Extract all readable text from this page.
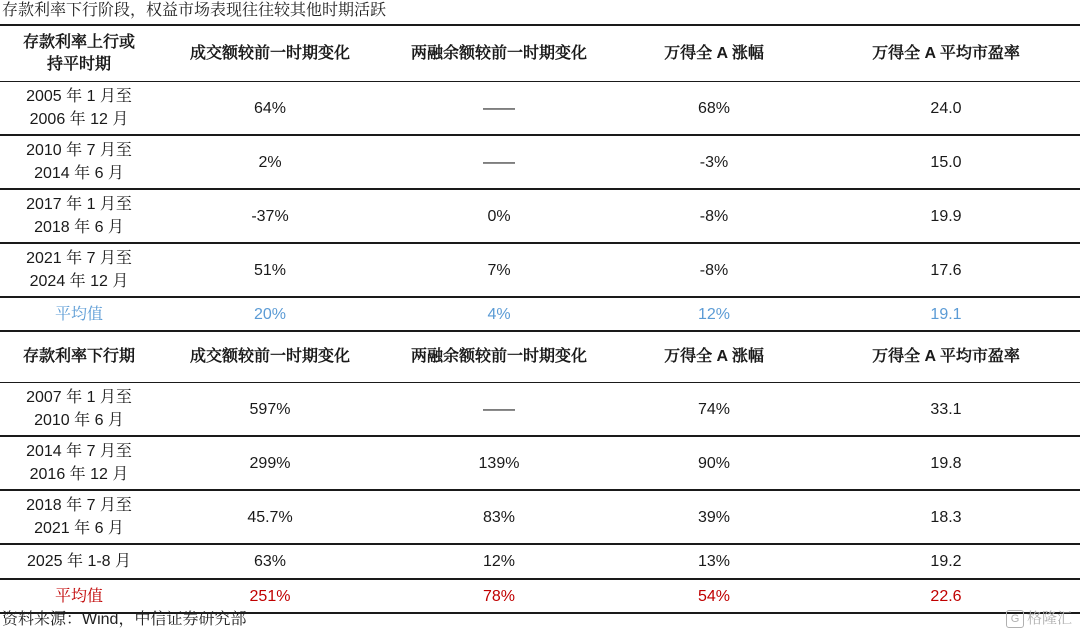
存款利率下行阶段，权益市场表现往往较其他时期活跃
存款利率上行或
持平时期
成交额较前一时期变化	两融余额较前一时期变化	万得全 A 涨幅	万得全 A 平均市盈率
2005 年 1 月至
2006 年 12 月
64%	——	68%	24.0
2010 年 7 月至
2014 年 6 月
2%	——	-3%	15.0
2017 年 1 月至
2018 年 6 月
-37%	0%	-8%	19.9
2021 年 7 月至
2024 年 12 月
51%	7%	-8%	17.6
平均值	20%	4%	12%	19.1
存款利率下行期	成交额较前一时期变化	两融余额较前一时期变化	万得全 A 涨幅	万得全 A 平均市盈率
2007 年 1 月至
2010 年 6 月
597%	——	74%	33.1
2014 年 7 月至
2016 年 12 月
299%	139%	90%	19.8
2018 年 7 月至
2021 年 6 月
45.7%	83%	39%	18.3
2025 年 1-8 月	63%	12%	13%	19.2
平均值	251%	78%	54%	22.6
资料来源：Wind，中信证券研究部	G 格隆汇
